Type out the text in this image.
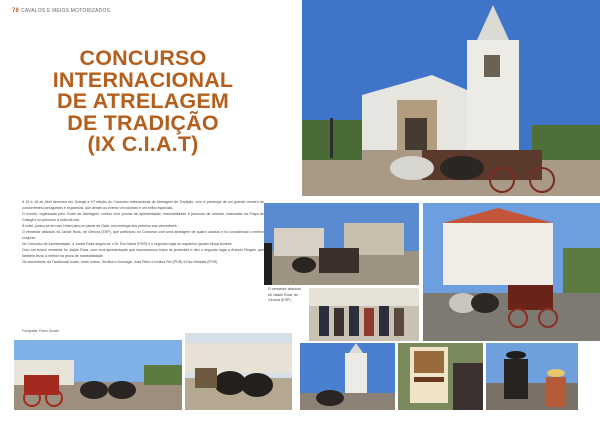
76 CAVALOS E MEIOS MOTORIZADOS
CONCURSO
INTERNACIONAL
DE ATRELAGEM
DE TRADIÇÃO
(IX C.I.A.T)

A 15 e 16 de Abril decorreu em Golegã a 9.ª edição do Concurso Internacional de Atrelagem de Tradição, com a presença de um grande número de concorrentes portugueses e espanhóis, que deram ao evento um colorido e um brilho especiais.

O evento, organizado pelo Clube de Atrelagem, contou com provas de apresentação, maneabilidade e percurso de estrada, realizadas na Praça de Golegã e no percurso à volta da vila.

À noite, juntou-se em seu Hotel para um jantar de Gala, com entrega dos prémios aos vencedores.

O vencedor absoluto foi Jackie Ross, de Gerona (ESP), que participou no Concurso com uma atrelagem de quatro cavalos e foi considerado o melhor conjunto.

No Concurso de Apresentação, a Jackie Ross seguiu-se o Dr. Rui Gama (POR) e o segundo lugar ao espanhol Ignacio Moya Alvarez.

Com um tronco vencedor foi Jackie Ross, com uma apresentação que impressionou todos os presentes e deu o segundo lugar a Antonio Regato, que também levou a melhor na prova de maneabilidade.

Os vencedores da Tradicional foram, entre outros, Sevilha e Gonzaga, José Pinto e Irmãos Rei (POR) e Dez Almeida (POR).

Fotografia: Paulo Duarte
O vencedor absoluto foi Jackie Ross, de Gerona (ESP).
